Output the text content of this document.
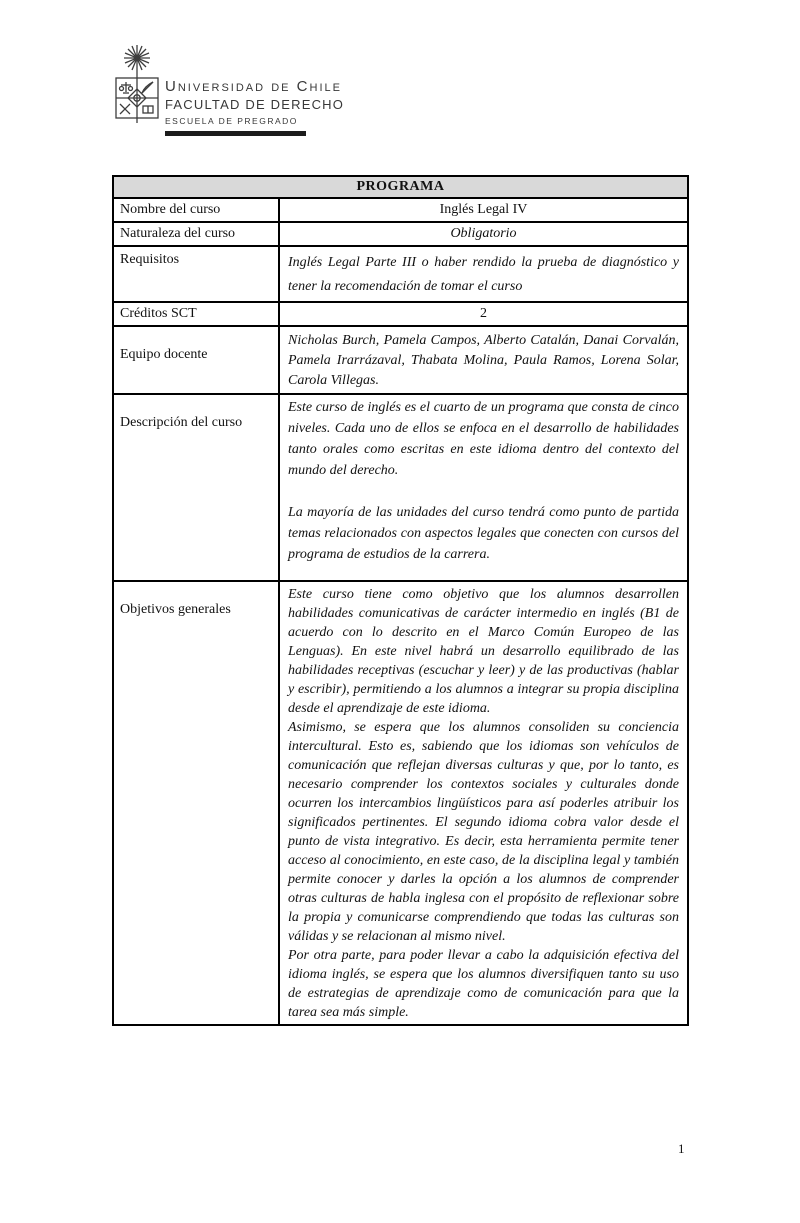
Universidad de Chile
FACULTAD DE DERECHO
ESCUELA DE PREGRADO
PROGRAMA	
Nombre del curso	Inglés Legal IV
Naturaleza del curso	Obligatorio
Requisitos	Inglés Legal Parte III o haber rendido la prueba de diagnóstico y tener la recomendación de tomar el curso
Créditos SCT	2
Equipo docente	Nicholas Burch, Pamela Campos, Alberto Catalán, Danai Corvalán, Pamela Irarrázaval, Thabata Molina, Paula Ramos, Lorena Solar, Carola Villegas.
Descripción del curso	Este curso de inglés es el cuarto de un programa que consta de cinco niveles. Cada uno de ellos se enfoca en el desarrollo de habilidades tanto orales como escritas en este idioma dentro del contexto del mundo del derecho.

La mayoría de las unidades del curso tendrá como punto de partida temas relacionados con aspectos legales que conecten con cursos del programa de estudios de la carrera.

Objetivos generales	Este curso tiene como objetivo que los alumnos desarrollen habilidades comunicativas de carácter intermedio en inglés (B1 de acuerdo con lo descrito en el Marco Común Europeo de las Lenguas). En este nivel habrá un desarrollo equilibrado de las habilidades receptivas (escuchar y leer) y de las productivas (hablar y escribir), permitiendo a los alumnos a integrar su propia disciplina desde el aprendizaje de este idioma.

Asimismo, se espera que los alumnos consoliden su conciencia intercultural. Esto es, sabiendo que los idiomas son vehículos de comunicación que reflejan diversas culturas y que, por lo tanto, es necesario comprender los contextos sociales y culturales donde ocurren los intercambios lingüísticos para así poderles atribuir los significados pertinentes. El segundo idioma cobra valor desde el punto de vista integrativo. Es decir, esta herramienta permite tener acceso al conocimiento, en este caso, de la disciplina legal y también permite conocer y darles la opción a los alumnos de comprender otras culturas de habla inglesa con el propósito de reflexionar sobre la propia y comunicarse comprendiendo que todas las culturas son válidas y se relacionan al mismo nivel.

Por otra parte, para poder llevar a cabo la adquisición efectiva del idioma inglés, se espera que los alumnos diversifiquen tanto su uso de estrategias de aprendizaje como de comunicación para que la tarea sea más simple.

1
